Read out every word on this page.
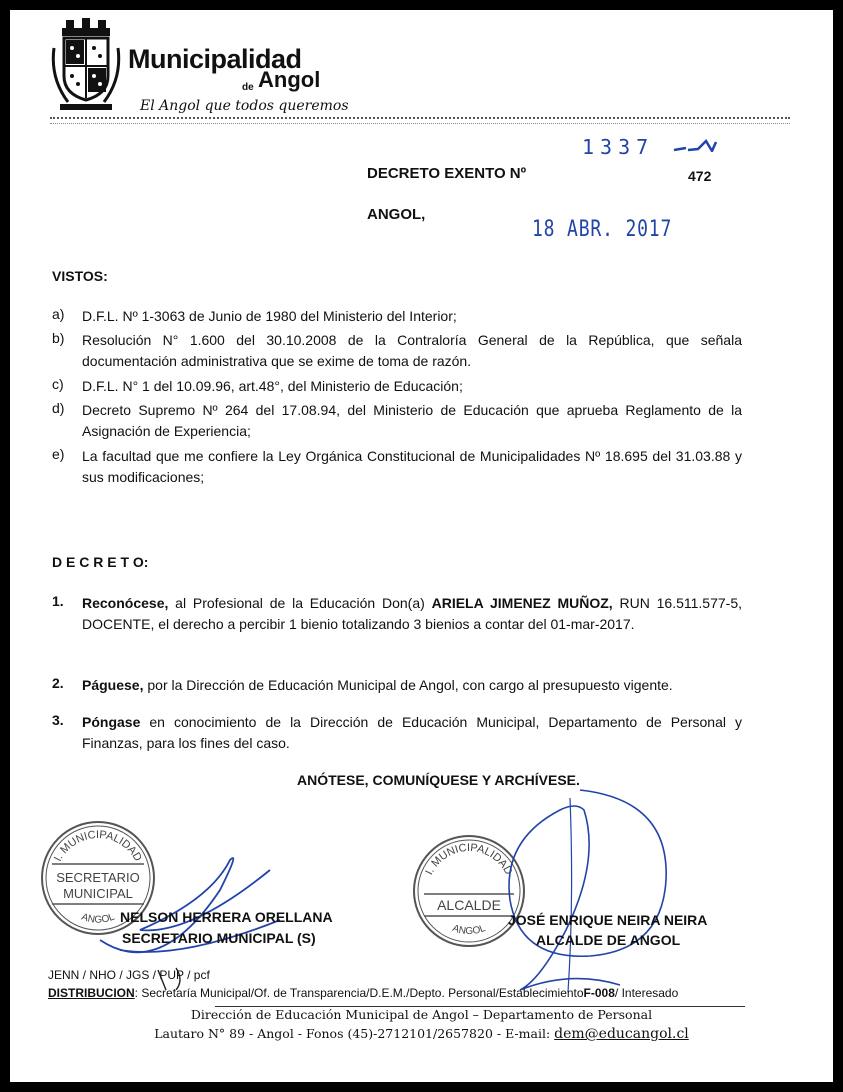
Municipalidad
de Angol
El Angol que todos queremos
1337
DECRETO EXENTO Nº	472
ANGOL,
18 ABR. 2017
VISTOS:
a) D.F.L. Nº 1-3063 de Junio de 1980 del Ministerio del Interior;
b) Resolución N° 1.600 del 30.10.2008 de la Contraloría General de la República, que señala documentación administrativa que se exime de toma de razón.
c) D.F.L. N° 1 del 10.09.96, art.48°, del Ministerio de Educación;
d) Decreto Supremo Nº 264 del 17.08.94, del Ministerio de Educación que aprueba Reglamento de la Asignación de Experiencia;
e) La facultad que me confiere la Ley Orgánica Constitucional de Municipalidades Nº 18.695 del 31.03.88 y sus modificaciones;
D E C R E T O:
1. Reconócese, al Profesional de la Educación Don(a) ARIELA JIMENEZ MUÑOZ, RUN 16.511.577-5, DOCENTE, el derecho a percibir 1 bienio totalizando 3 bienios a contar del 01-mar-2017.
2. Páguese, por la Dirección de Educación Municipal de Angol, con cargo al presupuesto vigente.
3. Póngase en conocimiento de la Dirección de Educación Municipal, Departamento de Personal y Finanzas, para los fines del caso.
ANÓTESE, COMUNÍQUESE Y ARCHÍVESE.
I. MUNICIPALIDAD
SECRETARIO
MUNICIPAL
ANGOL NELSON HERRERA ORELLANA
SECRETARIO MUNICIPAL (S)
I. MUNICIPALIDAD
ALCALDE
ANGOL
JOSÉ ENRIQUE NEIRA NEIRA
ALCALDE DE ANGOL
JENN / NHO / JGS / PUP / pcf
DISTRIBUCION: Secretaría Municipal/Of. de Transparencia/D.E.M./Depto. Personal/EstablecimientoF-008/ Interesado
Dirección de Educación Municipal de Angol – Departamento de Personal
Lautaro N° 89 - Angol - Fonos (45)-2712101/2657820 - E-mail: dem@educangol.cl
